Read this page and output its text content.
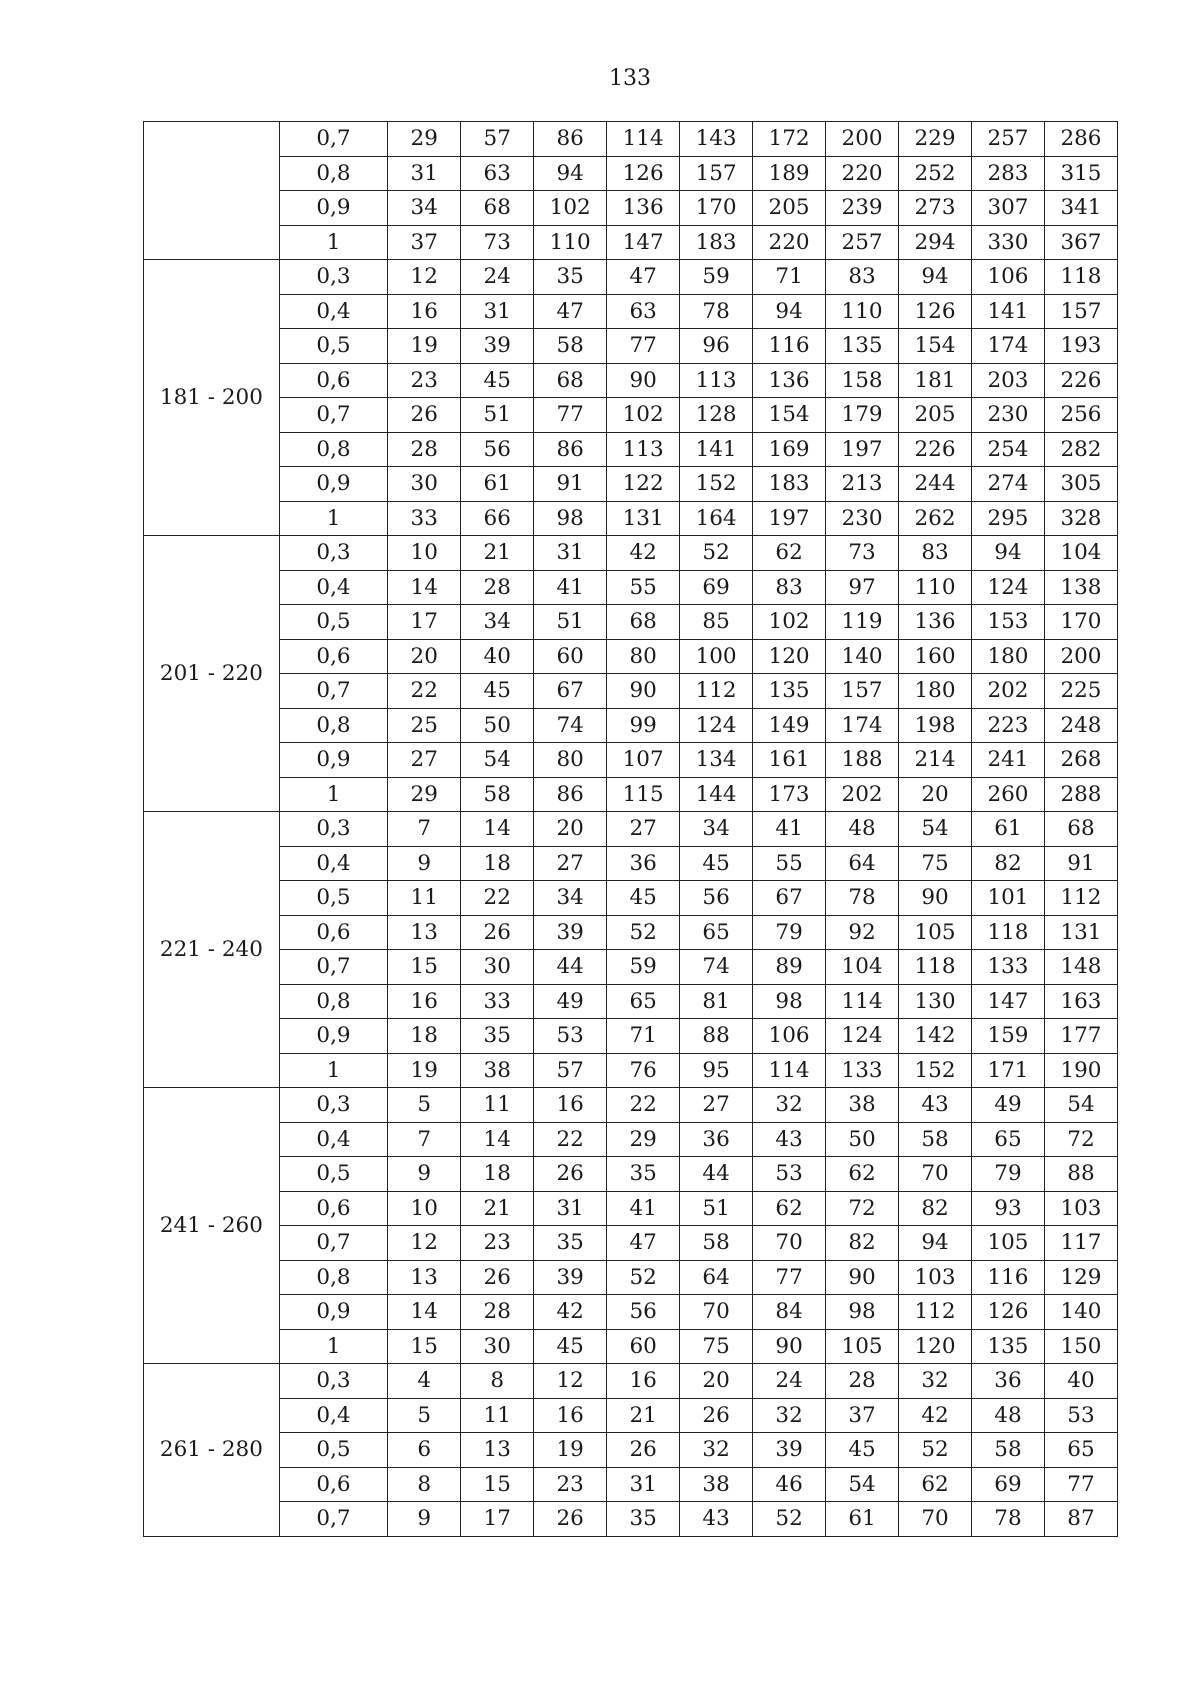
133
	0,7	29	57	86	114	143	172	200	229	257	286
	0,8	31	63	94	126	157	189	220	252	283	315
	0,9	34	68	102	136	170	205	239	273	307	341
	1	37	73	110	147	183	220	257	294	330	367
181 - 200	0,3	12	24	35	47	59	71	83	94	106	118
	0,4	16	31	47	63	78	94	110	126	141	157
	0,5	19	39	58	77	96	116	135	154	174	193
	0,6	23	45	68	90	113	136	158	181	203	226
	0,7	26	51	77	102	128	154	179	205	230	256
	0,8	28	56	86	113	141	169	197	226	254	282
	0,9	30	61	91	122	152	183	213	244	274	305
	1	33	66	98	131	164	197	230	262	295	328
201 - 220	0,3	10	21	31	42	52	62	73	83	94	104
	0,4	14	28	41	55	69	83	97	110	124	138
	0,5	17	34	51	68	85	102	119	136	153	170
	0,6	20	40	60	80	100	120	140	160	180	200
	0,7	22	45	67	90	112	135	157	180	202	225
	0,8	25	50	74	99	124	149	174	198	223	248
	0,9	27	54	80	107	134	161	188	214	241	268
	1	29	58	86	115	144	173	202	20	260	288
221 - 240	0,3	7	14	20	27	34	41	48	54	61	68
	0,4	9	18	27	36	45	55	64	75	82	91
	0,5	11	22	34	45	56	67	78	90	101	112
	0,6	13	26	39	52	65	79	92	105	118	131
	0,7	15	30	44	59	74	89	104	118	133	148
	0,8	16	33	49	65	81	98	114	130	147	163
	0,9	18	35	53	71	88	106	124	142	159	177
	1	19	38	57	76	95	114	133	152	171	190
241 - 260	0,3	5	11	16	22	27	32	38	43	49	54
	0,4	7	14	22	29	36	43	50	58	65	72
	0,5	9	18	26	35	44	53	62	70	79	88
	0,6	10	21	31	41	51	62	72	82	93	103
	0,7	12	23	35	47	58	70	82	94	105	117
	0,8	13	26	39	52	64	77	90	103	116	129
	0,9	14	28	42	56	70	84	98	112	126	140
	1	15	30	45	60	75	90	105	120	135	150
261 - 280	0,3	4	8	12	16	20	24	28	32	36	40
	0,4	5	11	16	21	26	32	37	42	48	53
	0,5	6	13	19	26	32	39	45	52	58	65
	0,6	8	15	23	31	38	46	54	62	69	77
	0,7	9	17	26	35	43	52	61	70	78	87
